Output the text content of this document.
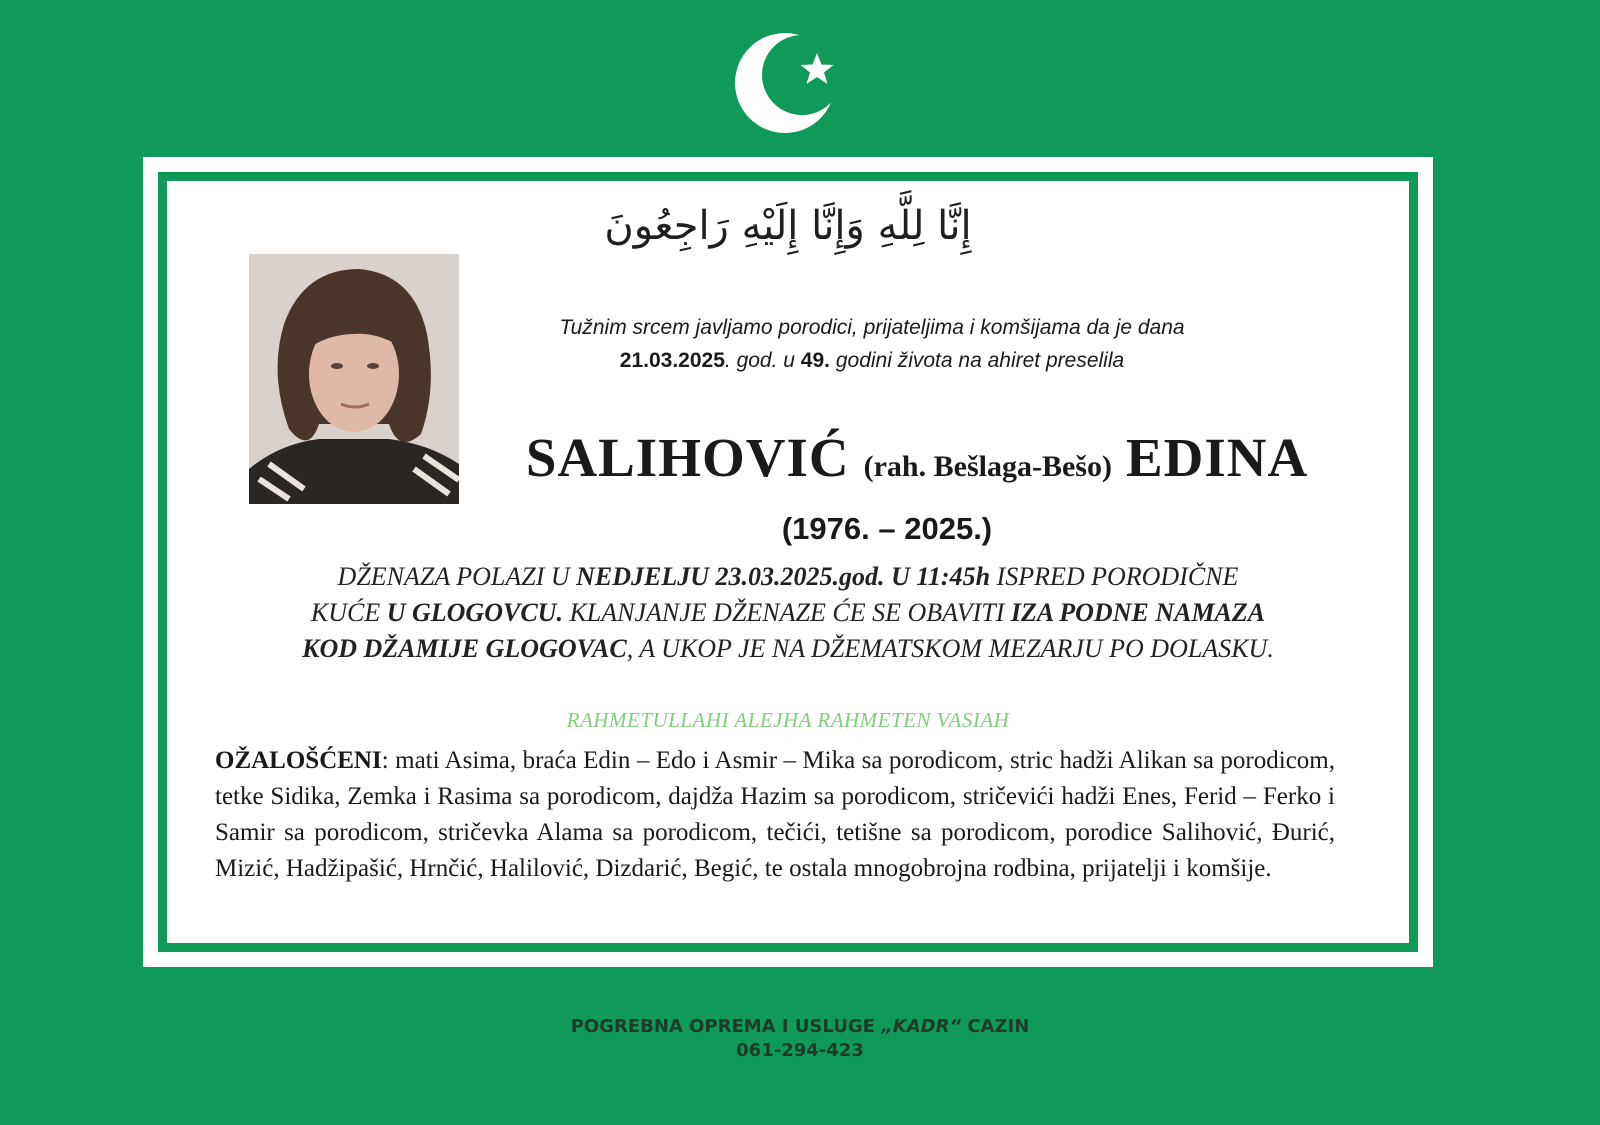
إِنَّا لِلَّهِ وَإِنَّا إِلَيْهِ رَاجِعُونَ
Tužnim srcem javljamo porodici, prijateljima i komšijama da je dana
21.03.2025. god. u 49. godini života na ahiret preselila
SALIHOVIĆ (rah. Bešlaga-Bešo) EDINA
(1976. – 2025.)
DŽENAZA POLAZI U NEDJELJU 23.03.2025.god. U 11:45h ISPRED PORODIČNE
KUĆE U GLOGOVCU. KLANJANJE DŽENAZE ĆE SE OBAVITI IZA PODNE NAMAZA
KOD DŽAMIJE GLOGOVAC, A UKOP JE NA DŽEMATSKOM MEZARJU PO DOLASKU.
RAHMETULLAHI ALEJHA RAHMETEN VASIAH
OŽALOŠĆENI: mati Asima, braća Edin – Edo i Asmir – Mika sa porodicom, stric hadži Alikan sa porodicom, tetke Sidika, Zemka i Rasima sa porodicom, dajdža Hazim sa porodicom, stričevići hadži Enes, Ferid – Ferko i Samir sa porodicom, stričevka Alama sa porodicom, tečići, tetišne sa porodicom, porodice Salihović, Đurić, Mizić, Hadžipašić, Hrnčić, Halilović, Dizdarić, Begić, te ostala mnogobrojna rodbina, prijatelji i komšije.
POGREBNA OPREMA I USLUGE „KADR“ CAZIN
061-294-423
